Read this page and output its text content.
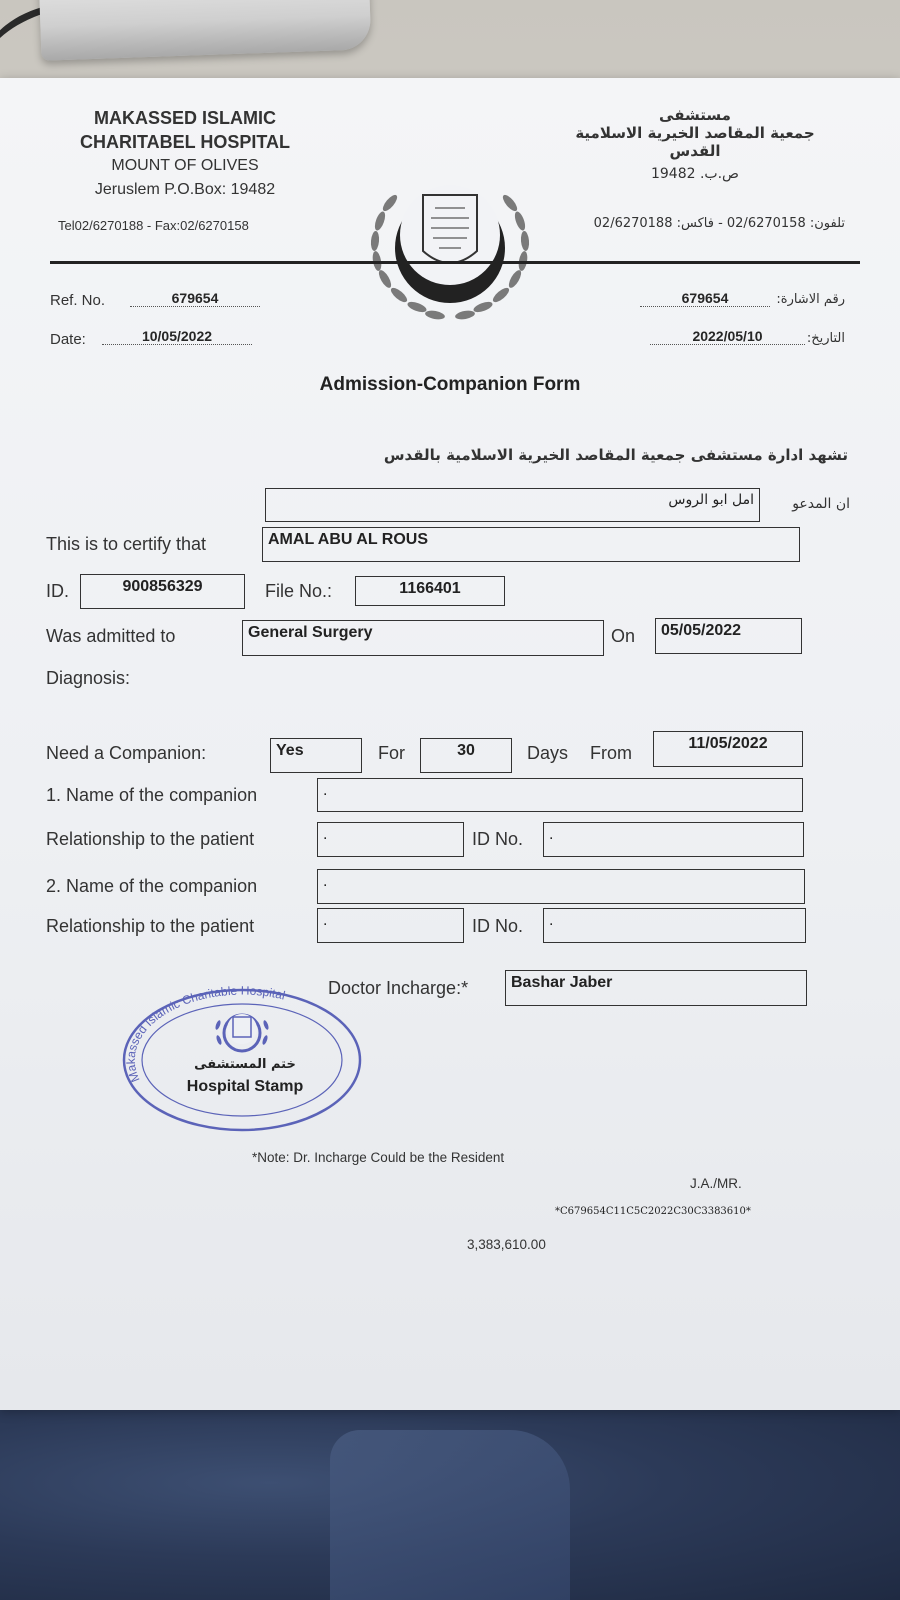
MAKASSED ISLAMIC
CHARITABEL HOSPITAL
MOUNT OF OLIVES
Jeruslem P.O.Box: 19482
Tel02/6270188 - Fax:02/6270158
مستشفى
جمعية المقاصد الخيرية الاسلامية
القدس
ص.ب. 19482
تلفون: 02/6270158 - فاكس: 02/6270188
Ref. No.	679654	679654	رقم الاشارة:
Date:	10/05/2022	2022/05/10	التاريخ:
Admission-Companion Form
تشهد ادارة مستشفى جمعية المقاصد الخيرية الاسلامية بالقدس
امل ابو الروس	ان المدعو
This is to certify that	AMAL ABU AL ROUS
ID.	900856329	File No.:	1166401
Was admitted to	General Surgery	On	05/05/2022
Diagnosis:
Need a Companion:	Yes	For	30	Days From	11/05/2022
1. Name of the companion	.
Relationship to the patient	.	ID No.	.
2. Name of the companion	.
Relationship to the patient	.	ID No.	.
Doctor Incharge:*	Bashar Jaber
Makassed Islamic Charitable Hospital
ختم المستشفى
Hospital Stamp
*Note: Dr. Incharge Could be the Resident
J.A./MR.
*C679654C11C5C2022C30C3383610*
3,383,610.00
